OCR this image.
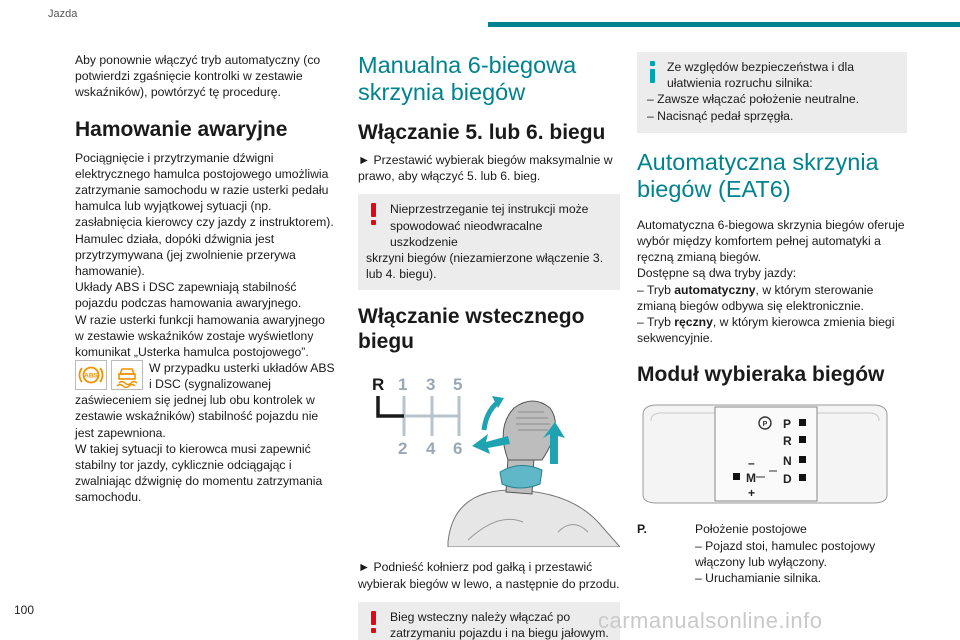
Jazda

Aby ponownie włączyć tryb automatyczny (co potwierdzi zgaśnięcie kontrolki w zestawie wskaźników), powtórzyć tę procedurę.

Hamowanie awaryjne

Pociągnięcie i przytrzymanie dźwigni elektrycznego hamulca postojowego umożliwia zatrzymanie samochodu w razie usterki pedału hamulca lub wyjątkowej sytuacji (np. zasłabnięcia kierowcy czy jazdy z instruktorem). Hamulec działa, dopóki dźwignia jest przytrzymywana (jej zwolnienie przerywa hamowanie).

Układy ABS i DSC zapewniają stabilność pojazdu podczas hamowania awaryjnego.

W razie usterki funkcji hamowania awaryjnego w zestawie wskaźników zostaje wyświetlony komunikat „Usterka hamulca postojowego”.

ABS
W przypadku usterki układów ABS
i DSC (sygnalizowanej

zaświeceniem się jednej lub obu kontrolek w zestawie wskaźników) stabilność pojazdu nie jest zapewniona.

W takiej sytuacji to kierowca musi zapewnić stabilny tor jazdy, cyklicznie odciągając i zwalniając dźwignię do momentu zatrzymania samochodu.

Manualna 6-biegowa skrzynia biegów
Włączanie 5. lub 6. biegu

► Przestawić wybierak biegów maksymalnie w prawo, aby włączyć 5. lub 6. bieg.

Nieprzestrzeganie tej instrukcji może
spowodować nieodwracalne uszkodzenie
skrzyni biegów (niezamierzone włączenie 3. lub 4. biegu).
Włączanie wstecznego biegu
R 1 3 5
2 4 6

► Podnieść kołnierz pod gałką i przestawić wybierak biegów w lewo, a następnie do przodu.

Bieg wsteczny należy włączać po
zatrzymaniu pojazdu i na biegu jałowym.
Ze względów bezpieczeństwa i dla
ułatwienia rozruchu silnika:
– Zawsze włączać położenie neutralne.
– Nacisnąć pedał sprzęgła.
Automatyczna skrzynia biegów (EAT6)

Automatyczna 6-biegowa skrzynia biegów oferuje wybór między komfortem pełnej automatyki a ręczną zmianą biegów.

Dostępne są dwa tryby jazdy:

– Tryb automatyczny, w którym sterowanie zmianą biegów odbywa się elektronicznie.

– Tryb ręczny, w którym kierowca zmienia biegi sekwencyjnie.

Moduł wybieraka biegów
P P
R
N
D
M
–
+
P.	Położenie postojowe
– Pojazd stoi, hamulec postojowy włączony lub wyłączony.
– Uruchamianie silnika.
100	carmanualsonline.info
